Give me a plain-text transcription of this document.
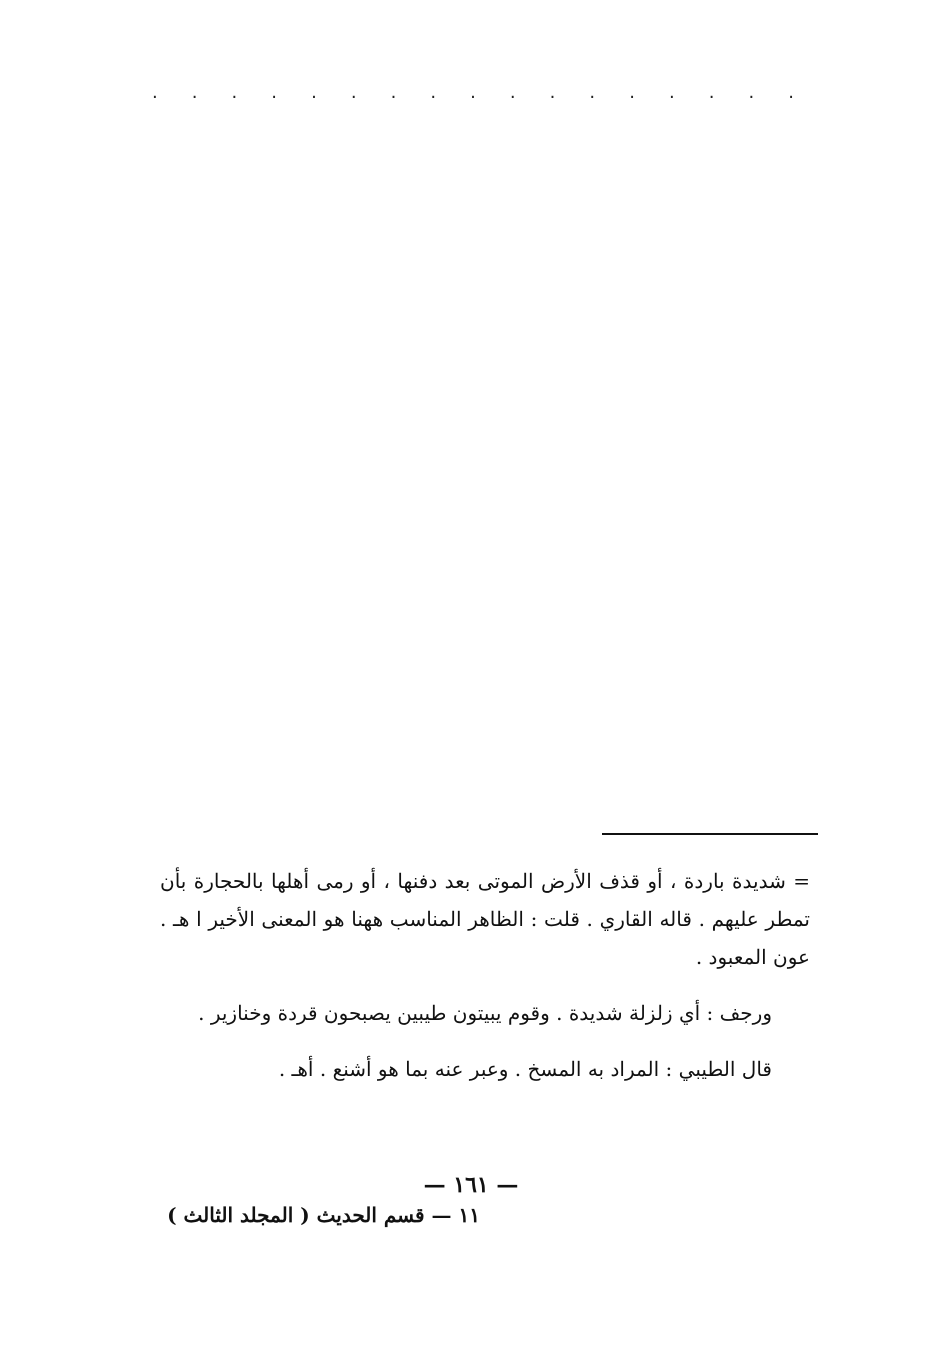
. . . . . . . . . . . . . . . . .

= شديدة باردة ، أو قذف الأرض الموتى بعد دفنها ، أو رمى أهلها بالحجارة بأن تمطر عليهم . قاله القاري . قلت : الظاهر المناسب ههنا هو المعنى الأخير ا هـ . عون المعبود .

ورجف : أي زلزلة شديدة . وقوم يبيتون طيبين يصبحون قردة وخنازير .

قال الطيبي : المراد به المسخ . وعبر عنه بما هو أشنع . أهـ .

— ١٦١ —
١١ — قسم الحديث ( المجلد الثالث )
